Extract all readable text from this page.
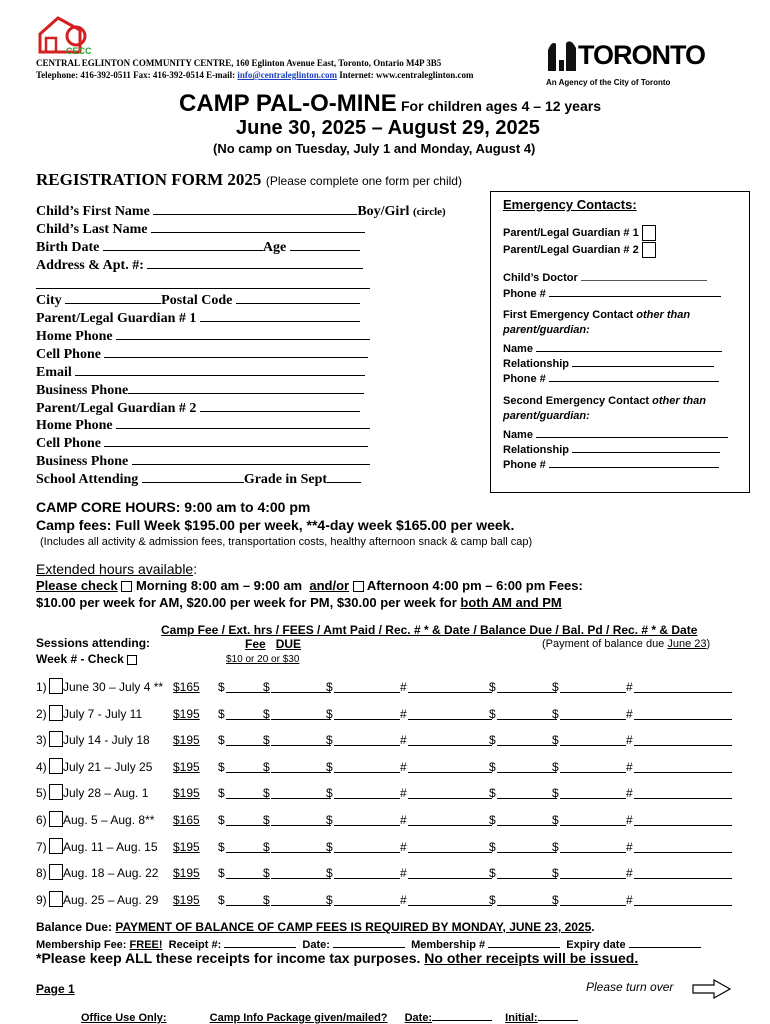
CECC
CENTRAL EGLINTON COMMUNITY CENTRE, 160 Eglinton Avenue East, Toronto, Ontario M4P 3B5
Telephone: 416-392-0511 Fax: 416-392-0514 E-mail: info@centraleglinton.com Internet: www.centraleglinton.com
TORONTO
An Agency of the City of Toronto
CAMP PAL-O-MINE For children ages 4 – 12 years
June 30, 2025 – August 29, 2025
(No camp on Tuesday, July 1 and Monday, August 4)
REGISTRATION FORM 2025 (Please complete one form per child)
Child’s First Name	Boy/Girl (circle)
Child’s Last Name
Birth Date	Age
Address & Apt. #:
City	Postal Code
Parent/Legal Guardian # 1
Home Phone
Cell Phone
Email
Business Phone
Parent/Legal Guardian # 2
Home Phone
Cell Phone
Business Phone
School Attending	Grade in Sept
Emergency Contacts:
Parent/Legal Guardian # 1
Parent/Legal Guardian # 2
Child’s Doctor
Phone #
First Emergency Contact other than
parent/guardian:
Name
Relationship
Phone #
Second Emergency Contact other than
parent/guardian:
Name
Relationship
Phone #
CAMP CORE HOURS: 9:00 am to 4:00 pm
Camp fees: Full Week $195.00 per week, **4-day week $165.00 per week.
(Includes all activity & admission fees, transportation costs, healthy afternoon snack & camp ball cap)
Extended hours available:
Please check Morning 8:00 am – 9:00 am and/or Afternoon 4:00 pm – 6:00 pm Fees:
$10.00 per week for AM, $20.00 per week for PM, $30.00 per week for both AM and PM
Camp Fee / Ext. hrs / FEES / Amt Paid / Rec. # * & Date / Balance Due / Bal. Pd / Rec. # * & Date
Sessions attending:
Week # - Check
Fee DUE
$10 or 20 or $30
(Payment of balance due June 23)
1) June 30 – July 4 ** $165 $	$	$	#	$	$	#
2) July 7 - July 11	$195 $	$	$	#	$	$	#
3) July 14 - July 18 $195 $	$	$	#	$	$	#
4) July 21 – July 25 $195 $	$	$	#	$	$	#
5) July 28 – Aug. 1 $195 $	$	$	#	$	$	#
6) Aug. 5 – Aug. 8** $165 $	$	$	#	$	$	#
7) Aug. 11 – Aug. 15 $195 $	$	$	#	$	$	#
8) Aug. 18 – Aug. 22 $195 $	$	$	#	$	$	#
9) Aug. 25 – Aug. 29 $195 $	$	$	#	$	$	#
Balance Due: PAYMENT OF BALANCE OF CAMP FEES IS REQUIRED BY MONDAY, JUNE 23, 2025.
Membership Fee: FREE! Receipt #:	Date:	Membership #	Expiry date
*Please keep ALL these receipts for income tax purposes. No other receipts will be issued.
Page 1	Please turn over
Office Use Only:	Camp Info Package given/mailed? Date:	Initial:
